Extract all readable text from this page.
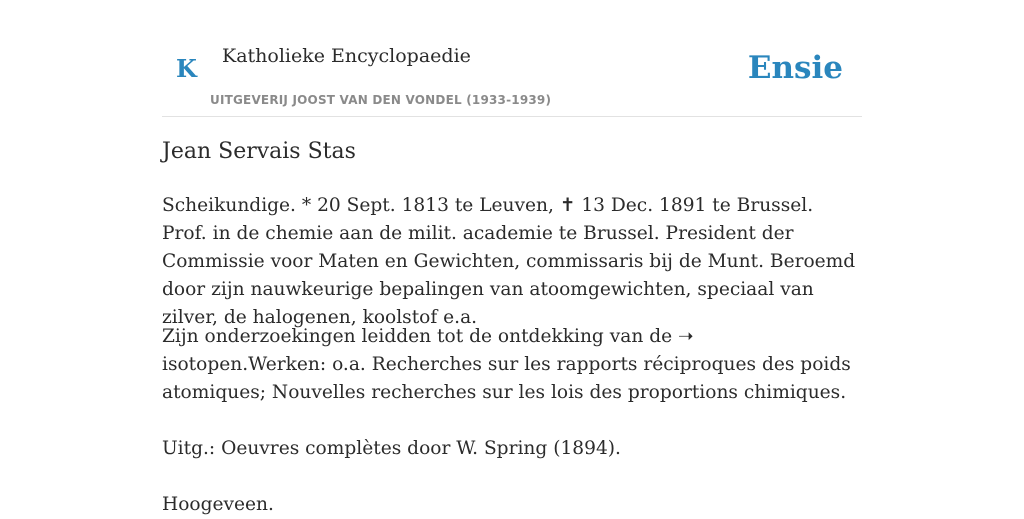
K Katholieke Encyclopaedie
UITGEVERIJ JOOST VAN DEN VONDEL (1933-1939)
Ensie
Jean Servais Stas

Scheikundige. * 20 Sept. 1813 te Leuven, ✝ 13 Dec. 1891 te Brussel. Prof. in de chemie aan de milit. academie te Brussel. President der Commissie voor Maten en Gewichten, commissaris bij de Munt. Beroemd door zijn nauwkeurige bepalingen van atoomgewichten, speciaal van zilver, de halogenen, koolstof e.a.

Zijn onderzoekingen leidden tot de ontdekking van de ➝ isotopen.Werken: o.a. Recherches sur les rapports réciproques des poids atomiques; Nouvelles recherches sur les lois des proportions chimiques.

Uitg.: Oeuvres complètes door W. Spring (1894).

Hoogeveen.
